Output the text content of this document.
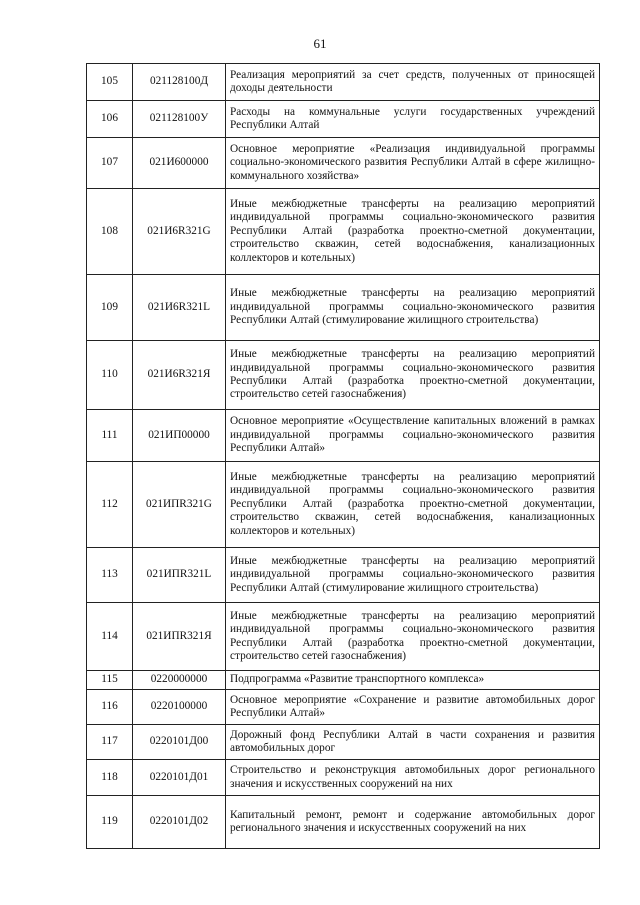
61
105	021128100Д	Реализация мероприятий за счет средств, полученных от приносящей доходы деятельности
106	021128100У	Расходы на коммунальные услуги государственных учреждений Республики Алтай
107	021И600000	Основное мероприятие «Реализация индивидуальной программы социально-экономического развития Республики Алтай в сфере жилищно-коммунального хозяйства»
108	021И6R321G	Иные межбюджетные трансферты на реализацию мероприятий индивидуальной программы социально-экономического развития Республики Алтай (разработка проектно-сметной документации, строительство скважин, сетей водоснабжения, канализационных коллекторов и котельных)
109	021И6R321L	Иные межбюджетные трансферты на реализацию мероприятий индивидуальной программы социально-экономического развития Республики Алтай (стимулирование жилищного строительства)
110	021И6R321Я	Иные межбюджетные трансферты на реализацию мероприятий индивидуальной программы социально-экономического развития Республики Алтай (разработка проектно-сметной документации, строительство сетей газоснабжения)
111	021ИП00000	Основное мероприятие «Осуществление капитальных вложений в рамках индивидуальной программы социально-экономического развития Республики Алтай»
112	021ИПR321G	Иные межбюджетные трансферты на реализацию мероприятий индивидуальной программы социально-экономического развития Республики Алтай (разработка проектно-сметной документации, строительство скважин, сетей водоснабжения, канализационных коллекторов и котельных)
113	021ИПR321L	Иные межбюджетные трансферты на реализацию мероприятий индивидуальной программы социально-экономического развития Республики Алтай (стимулирование жилищного строительства)
114	021ИПR321Я	Иные межбюджетные трансферты на реализацию мероприятий индивидуальной программы социально-экономического развития Республики Алтай (разработка проектно-сметной документации, строительство сетей газоснабжения)
115	0220000000	Подпрограмма «Развитие транспортного комплекса»
116	0220100000	Основное мероприятие «Сохранение и развитие автомобильных дорог Республики Алтай»
117	0220101Д00	Дорожный фонд Республики Алтай в части сохранения и развития автомобильных дорог
118	0220101Д01	Строительство и реконструкция автомобильных дорог регионального значения и искусственных сооружений на них
119	0220101Д02	Капитальный ремонт, ремонт и содержание автомобильных дорог регионального значения и искусственных сооружений на них
